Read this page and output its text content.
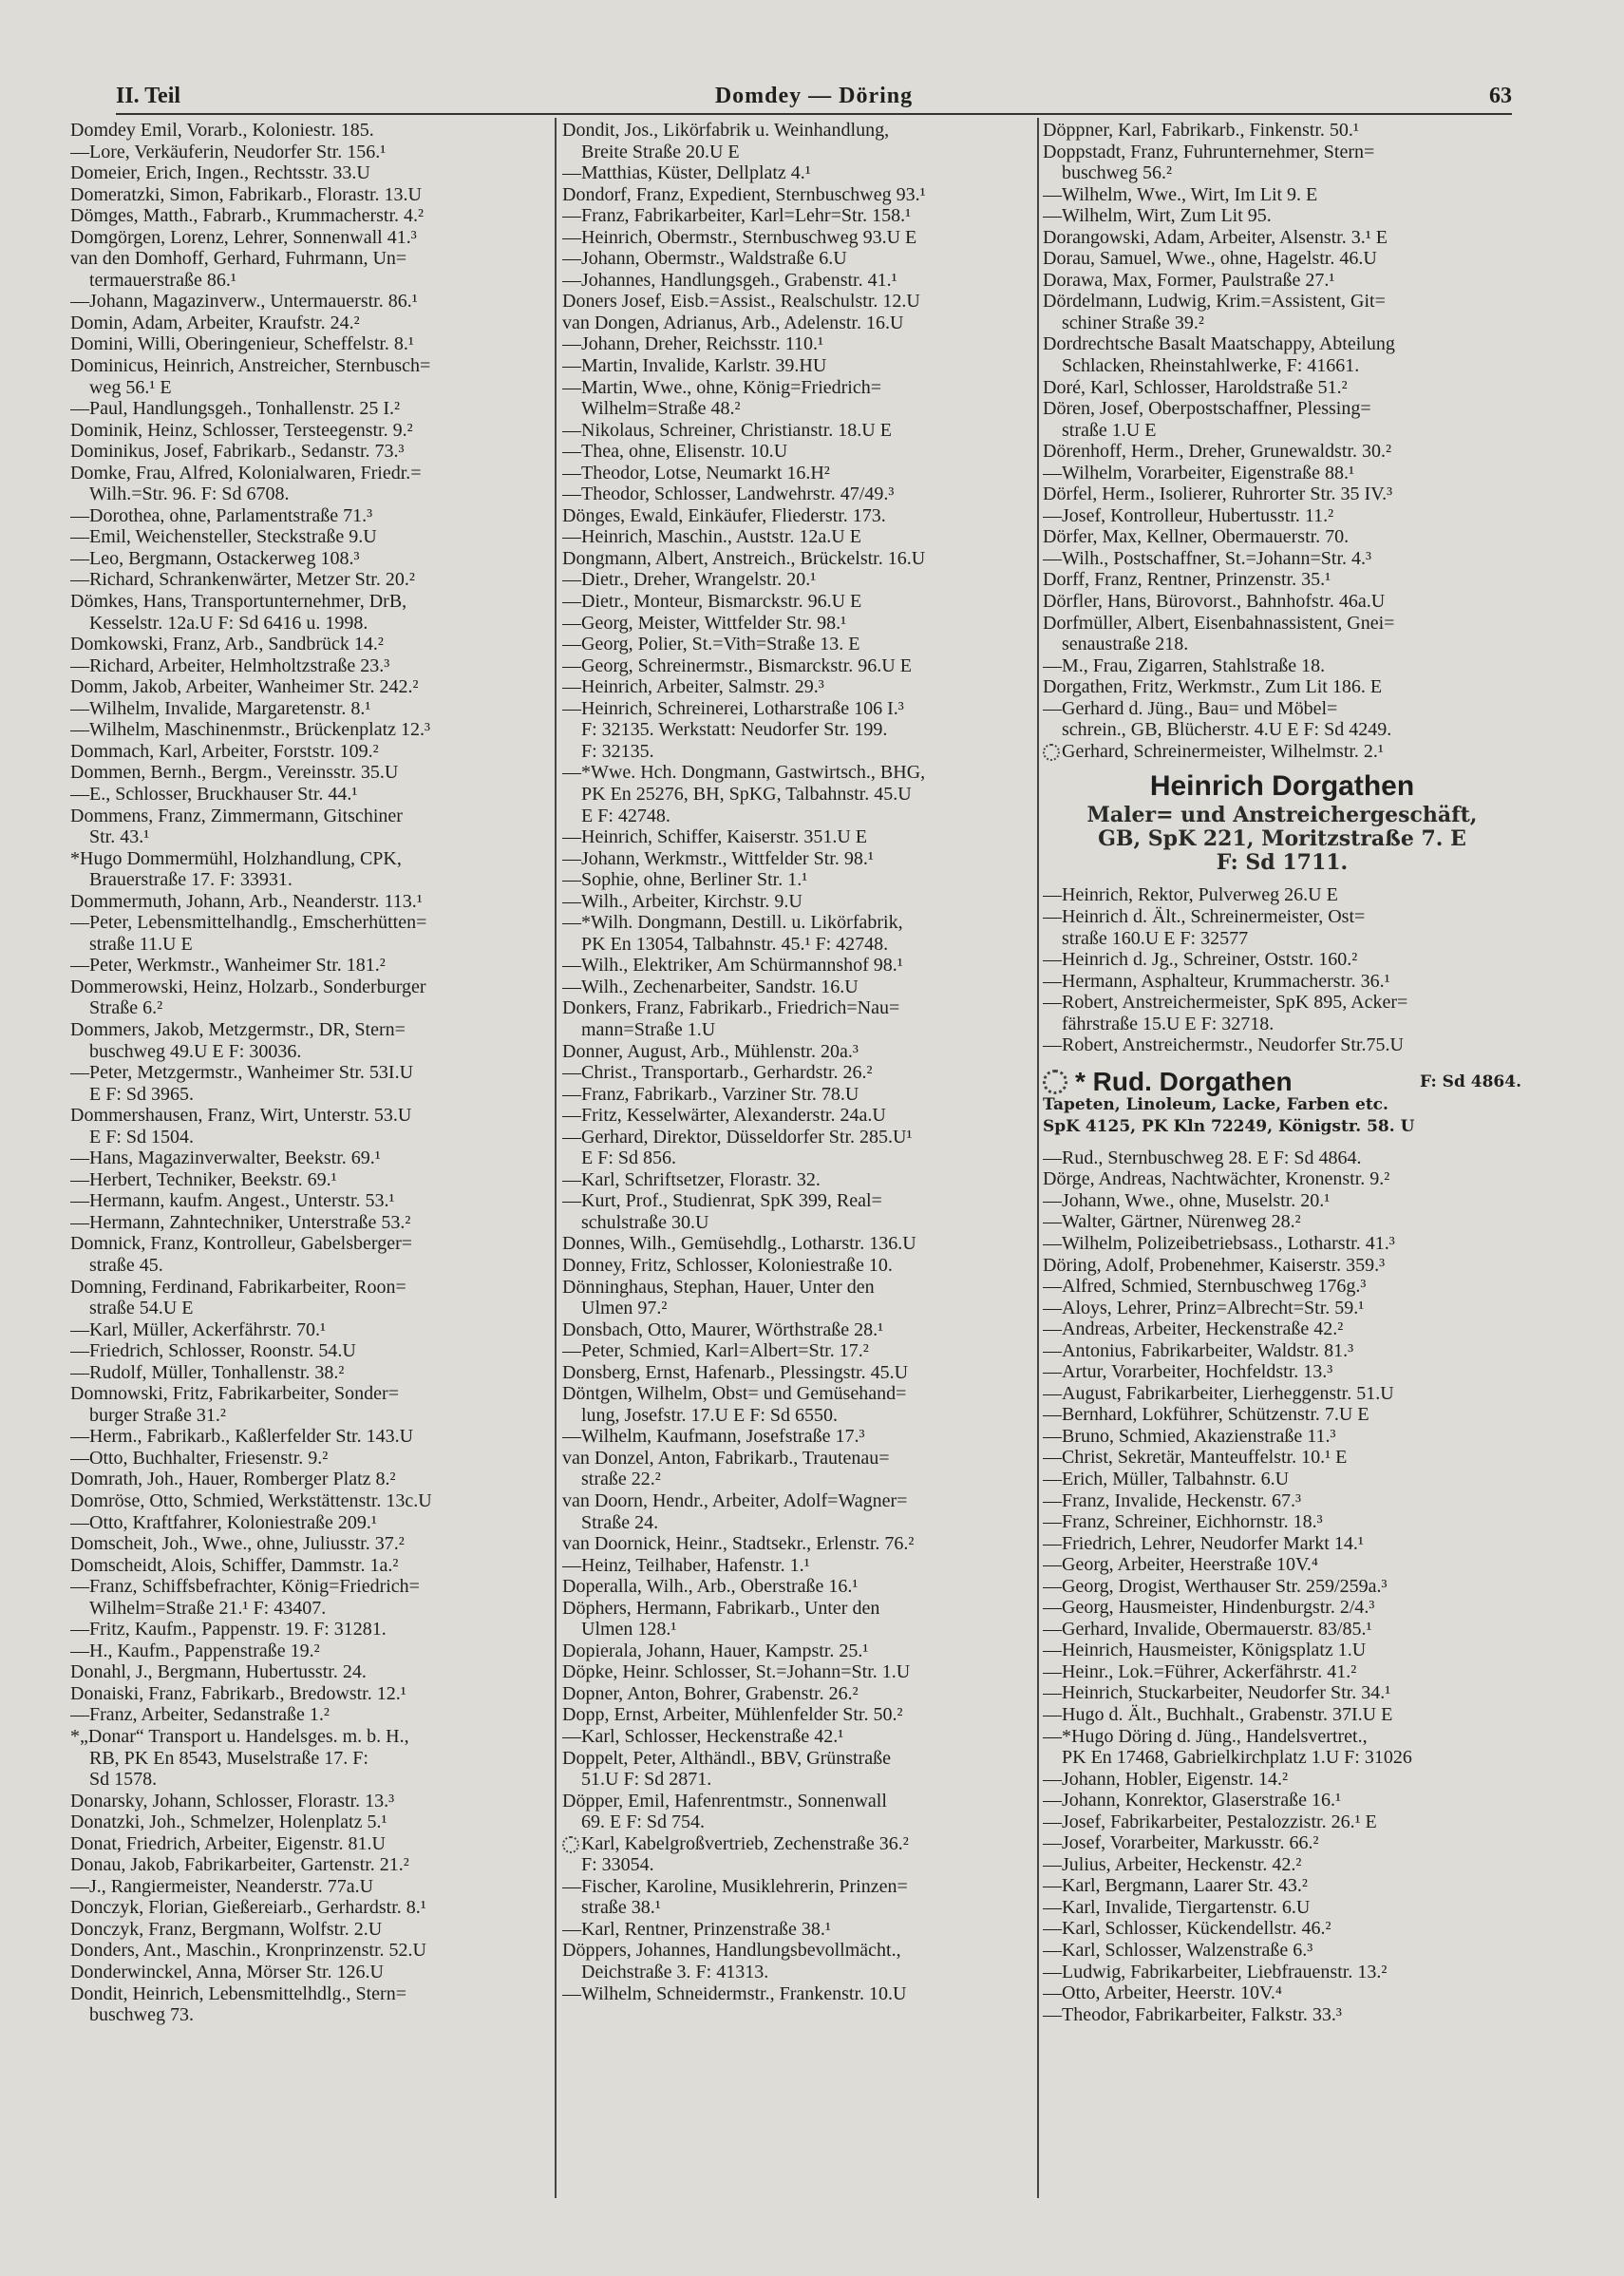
II. Teil	Domdey — Döring	63
Domdey Emil, Vorarb., Koloniestr. 185.
—Lore, Verkäuferin, Neudorfer Str. 156.¹
Domeier, Erich, Ingen., Rechtsstr. 33.U
Domeratzki, Simon, Fabrikarb., Florastr. 13.U
Dömges, Matth., Fabrarb., Krummacherstr. 4.²
Domgörgen, Lorenz, Lehrer, Sonnenwall 41.³
van den Domhoff, Gerhard, Fuhrmann, Un=
termauerstraße 86.¹
—Johann, Magazinverw., Untermauerstr. 86.¹
Domin, Adam, Arbeiter, Kraufstr. 24.²
Domini, Willi, Oberingenieur, Scheffelstr. 8.¹
Dominicus, Heinrich, Anstreicher, Sternbusch=
weg 56.¹ E
—Paul, Handlungsgeh., Tonhallenstr. 25 I.²
Dominik, Heinz, Schlosser, Tersteegenstr. 9.²
Dominikus, Josef, Fabrikarb., Sedanstr. 73.³
Domke, Frau, Alfred, Kolonialwaren, Friedr.=
Wilh.=Str. 96. F: Sd 6708.
—Dorothea, ohne, Parlamentstraße 71.³
—Emil, Weichensteller, Steckstraße 9.U
—Leo, Bergmann, Ostackerweg 108.³
—Richard, Schrankenwärter, Metzer Str. 20.²
Dömkes, Hans, Transportunternehmer, DrB,
Kesselstr. 12a.U F: Sd 6416 u. 1998.
Domkowski, Franz, Arb., Sandbrück 14.²
—Richard, Arbeiter, Helmholtzstraße 23.³
Domm, Jakob, Arbeiter, Wanheimer Str. 242.²
—Wilhelm, Invalide, Margaretenstr. 8.¹
—Wilhelm, Maschinenmstr., Brückenplatz 12.³
Dommach, Karl, Arbeiter, Forststr. 109.²
Dommen, Bernh., Bergm., Vereinsstr. 35.U
—E., Schlosser, Bruckhauser Str. 44.¹
Dommens, Franz, Zimmermann, Gitschiner
Str. 43.¹
*Hugo Dommermühl, Holzhandlung, CPK,
Brauerstraße 17. F: 33931.
Dommermuth, Johann, Arb., Neanderstr. 113.¹
—Peter, Lebensmittelhandlg., Emscherhütten=
straße 11.U E
—Peter, Werkmstr., Wanheimer Str. 181.²
Dommerowski, Heinz, Holzarb., Sonderburger
Straße 6.²
Dommers, Jakob, Metzgermstr., DR, Stern=
buschweg 49.U E F: 30036.
—Peter, Metzgermstr., Wanheimer Str. 53I.U
E F: Sd 3965.
Dommershausen, Franz, Wirt, Unterstr. 53.U
E F: Sd 1504.
—Hans, Magazinverwalter, Beekstr. 69.¹
—Herbert, Techniker, Beekstr. 69.¹
—Hermann, kaufm. Angest., Unterstr. 53.¹
—Hermann, Zahntechniker, Unterstraße 53.²
Domnick, Franz, Kontrolleur, Gabelsberger=
straße 45.
Domning, Ferdinand, Fabrikarbeiter, Roon=
straße 54.U E
—Karl, Müller, Ackerfährstr. 70.¹
—Friedrich, Schlosser, Roonstr. 54.U
—Rudolf, Müller, Tonhallenstr. 38.²
Domnowski, Fritz, Fabrikarbeiter, Sonder=
burger Straße 31.²
—Herm., Fabrikarb., Kaßlerfelder Str. 143.U
—Otto, Buchhalter, Friesenstr. 9.²
Domrath, Joh., Hauer, Romberger Platz 8.²
Domröse, Otto, Schmied, Werkstättenstr. 13c.U
—Otto, Kraftfahrer, Koloniestraße 209.¹
Domscheit, Joh., Wwe., ohne, Juliusstr. 37.²
Domscheidt, Alois, Schiffer, Dammstr. 1a.²
—Franz, Schiffsbefrachter, König=Friedrich=
Wilhelm=Straße 21.¹ F: 43407.
—Fritz, Kaufm., Pappenstr. 19. F: 31281.
—H., Kaufm., Pappenstraße 19.²
Donahl, J., Bergmann, Hubertusstr. 24.
Donaiski, Franz, Fabrikarb., Bredowstr. 12.¹
—Franz, Arbeiter, Sedanstraße 1.²
*„Donar“ Transport u. Handelsges. m. b. H.,
RB, PK En 8543, Muselstraße 17. F:
Sd 1578.
Donarsky, Johann, Schlosser, Florastr. 13.³
Donatzki, Joh., Schmelzer, Holenplatz 5.¹
Donat, Friedrich, Arbeiter, Eigenstr. 81.U
Donau, Jakob, Fabrikarbeiter, Gartenstr. 21.²
—J., Rangiermeister, Neanderstr. 77a.U
Donczyk, Florian, Gießereiarb., Gerhardstr. 8.¹
Donczyk, Franz, Bergmann, Wolfstr. 2.U
Donders, Ant., Maschin., Kronprinzenstr. 52.U
Donderwinckel, Anna, Mörser Str. 126.U
Dondit, Heinrich, Lebensmittelhdlg., Stern=
buschweg 73.
Dondit, Jos., Likörfabrik u. Weinhandlung,
Breite Straße 20.U E
—Matthias, Küster, Dellplatz 4.¹
Dondorf, Franz, Expedient, Sternbuschweg 93.¹
—Franz, Fabrikarbeiter, Karl=Lehr=Str. 158.¹
—Heinrich, Obermstr., Sternbuschweg 93.U E
—Johann, Obermstr., Waldstraße 6.U
—Johannes, Handlungsgeh., Grabenstr. 41.¹
Doners Josef, Eisb.=Assist., Realschulstr. 12.U
van Dongen, Adrianus, Arb., Adelenstr. 16.U
—Johann, Dreher, Reichsstr. 110.¹
—Martin, Invalide, Karlstr. 39.HU
—Martin, Wwe., ohne, König=Friedrich=
Wilhelm=Straße 48.²
—Nikolaus, Schreiner, Christianstr. 18.U E
—Thea, ohne, Elisenstr. 10.U
—Theodor, Lotse, Neumarkt 16.H²
—Theodor, Schlosser, Landwehrstr. 47/49.³
Dönges, Ewald, Einkäufer, Fliederstr. 173.
—Heinrich, Maschin., Auststr. 12a.U E
Dongmann, Albert, Anstreich., Brückelstr. 16.U
—Dietr., Dreher, Wrangelstr. 20.¹
—Dietr., Monteur, Bismarckstr. 96.U E
—Georg, Meister, Wittfelder Str. 98.¹
—Georg, Polier, St.=Vith=Straße 13. E
—Georg, Schreinermstr., Bismarckstr. 96.U E
—Heinrich, Arbeiter, Salmstr. 29.³
—Heinrich, Schreinerei, Lotharstraße 106 I.³
F: 32135. Werkstatt: Neudorfer Str. 199.
F: 32135.
—*Wwe. Hch. Dongmann, Gastwirtsch., BHG,
PK En 25276, BH, SpKG, Talbahnstr. 45.U
E F: 42748.
—Heinrich, Schiffer, Kaiserstr. 351.U E
—Johann, Werkmstr., Wittfelder Str. 98.¹
—Sophie, ohne, Berliner Str. 1.¹
—Wilh., Arbeiter, Kirchstr. 9.U
—*Wilh. Dongmann, Destill. u. Likörfabrik,
PK En 13054, Talbahnstr. 45.¹ F: 42748.
—Wilh., Elektriker, Am Schürmannshof 98.¹
—Wilh., Zechenarbeiter, Sandstr. 16.U
Donkers, Franz, Fabrikarb., Friedrich=Nau=
mann=Straße 1.U
Donner, August, Arb., Mühlenstr. 20a.³
—Christ., Transportarb., Gerhardstr. 26.²
—Franz, Fabrikarb., Varziner Str. 78.U
—Fritz, Kesselwärter, Alexanderstr. 24a.U
—Gerhard, Direktor, Düsseldorfer Str. 285.U¹
E F: Sd 856.
—Karl, Schriftsetzer, Florastr. 32.
—Kurt, Prof., Studienrat, SpK 399, Real=
schulstraße 30.U
Donnes, Wilh., Gemüsehdlg., Lotharstr. 136.U
Donney, Fritz, Schlosser, Koloniestraße 10.
Dönninghaus, Stephan, Hauer, Unter den
Ulmen 97.²
Donsbach, Otto, Maurer, Wörthstraße 28.¹
—Peter, Schmied, Karl=Albert=Str. 17.²
Donsberg, Ernst, Hafenarb., Plessingstr. 45.U
Döntgen, Wilhelm, Obst= und Gemüsehand=
lung, Josefstr. 17.U E F: Sd 6550.
—Wilhelm, Kaufmann, Josefstraße 17.³
van Donzel, Anton, Fabrikarb., Trautenau=
straße 22.²
van Doorn, Hendr., Arbeiter, Adolf=Wagner=
Straße 24.
van Doornick, Heinr., Stadtsekr., Erlenstr. 76.²
—Heinz, Teilhaber, Hafenstr. 1.¹
Doperalla, Wilh., Arb., Oberstraße 16.¹
Döphers, Hermann, Fabrikarb., Unter den
Ulmen 128.¹
Dopierala, Johann, Hauer, Kampstr. 25.¹
Döpke, Heinr. Schlosser, St.=Johann=Str. 1.U
Dopner, Anton, Bohrer, Grabenstr. 26.²
Dopp, Ernst, Arbeiter, Mühlenfelder Str. 50.²
—Karl, Schlosser, Heckenstraße 42.¹
Doppelt, Peter, Althändl., BBV, Grünstraße
51.U F: Sd 2871.
Döpper, Emil, Hafenrentmstr., Sonnenwall
69. E F: Sd 754.
Karl, Kabelgroßvertrieb, Zechenstraße 36.²
F: 33054.
—Fischer, Karoline, Musiklehrerin, Prinzen=
straße 38.¹
—Karl, Rentner, Prinzenstraße 38.¹
Döppers, Johannes, Handlungsbevollmächt.,
Deichstraße 3. F: 41313.
—Wilhelm, Schneidermstr., Frankenstr. 10.U
Döppner, Karl, Fabrikarb., Finkenstr. 50.¹
Doppstadt, Franz, Fuhrunternehmer, Stern=
buschweg 56.²
—Wilhelm, Wwe., Wirt, Im Lit 9. E
—Wilhelm, Wirt, Zum Lit 95.
Dorangowski, Adam, Arbeiter, Alsenstr. 3.¹ E
Dorau, Samuel, Wwe., ohne, Hagelstr. 46.U
Dorawa, Max, Former, Paulstraße 27.¹
Dördelmann, Ludwig, Krim.=Assistent, Git=
schiner Straße 39.²
Dordrechtsche Basalt Maatschappy, Abteilung
Schlacken, Rheinstahlwerke, F: 41661.
Doré, Karl, Schlosser, Haroldstraße 51.²
Dören, Josef, Oberpostschaffner, Plessing=
straße 1.U E
Dörenhoff, Herm., Dreher, Grunewaldstr. 30.²
—Wilhelm, Vorarbeiter, Eigenstraße 88.¹
Dörfel, Herm., Isolierer, Ruhrorter Str. 35 IV.³
—Josef, Kontrolleur, Hubertusstr. 11.²
Dörfer, Max, Kellner, Obermauerstr. 70.
—Wilh., Postschaffner, St.=Johann=Str. 4.³
Dorff, Franz, Rentner, Prinzenstr. 35.¹
Dörfler, Hans, Bürovorst., Bahnhofstr. 46a.U
Dorfmüller, Albert, Eisenbahnassistent, Gnei=
senaustraße 218.
—M., Frau, Zigarren, Stahlstraße 18.
Dorgathen, Fritz, Werkmstr., Zum Lit 186. E
—Gerhard d. Jüng., Bau= und Möbel=
schrein., GB, Blücherstr. 4.U E F: Sd 4249.
Gerhard, Schreinermeister, Wilhelmstr. 2.¹
Heinrich Dorgathen
Maler= und Anstreichergeschäft,
GB, SpK 221, Moritzstraße 7. E
F: Sd 1711.
—Heinrich, Rektor, Pulverweg 26.U E
—Heinrich d. Ält., Schreinermeister, Ost=
straße 160.U E F: 32577
—Heinrich d. Jg., Schreiner, Oststr. 160.²
—Hermann, Asphalteur, Krummacherstr. 36.¹
—Robert, Anstreichermeister, SpK 895, Acker=
fährstraße 15.U E F: 32718.
—Robert, Anstreichermstr., Neudorfer Str.75.U
* Rud. Dorgathen	F: Sd 4864.
Tapeten, Linoleum, Lacke, Farben etc.
SpK 4125, PK Kln 72249, Königstr. 58. U
—Rud., Sternbuschweg 28. E F: Sd 4864.
Dörge, Andreas, Nachtwächter, Kronenstr. 9.²
—Johann, Wwe., ohne, Muselstr. 20.¹
—Walter, Gärtner, Nürenweg 28.²
—Wilhelm, Polizeibetriebsass., Lotharstr. 41.³
Döring, Adolf, Probenehmer, Kaiserstr. 359.³
—Alfred, Schmied, Sternbuschweg 176g.³
—Aloys, Lehrer, Prinz=Albrecht=Str. 59.¹
—Andreas, Arbeiter, Heckenstraße 42.²
—Antonius, Fabrikarbeiter, Waldstr. 81.³
—Artur, Vorarbeiter, Hochfeldstr. 13.³
—August, Fabrikarbeiter, Lierheggenstr. 51.U
—Bernhard, Lokführer, Schützenstr. 7.U E
—Bruno, Schmied, Akazienstraße 11.³
—Christ, Sekretär, Manteuffelstr. 10.¹ E
—Erich, Müller, Talbahnstr. 6.U
—Franz, Invalide, Heckenstr. 67.³
—Franz, Schreiner, Eichhornstr. 18.³
—Friedrich, Lehrer, Neudorfer Markt 14.¹
—Georg, Arbeiter, Heerstraße 10V.⁴
—Georg, Drogist, Werthauser Str. 259/259a.³
—Georg, Hausmeister, Hindenburgstr. 2/4.³
—Gerhard, Invalide, Obermauerstr. 83/85.¹
—Heinrich, Hausmeister, Königsplatz 1.U
—Heinr., Lok.=Führer, Ackerfährstr. 41.²
—Heinrich, Stuckarbeiter, Neudorfer Str. 34.¹
—Hugo d. Ält., Buchhalt., Grabenstr. 37I.U E
—*Hugo Döring d. Jüng., Handelsvertret.,
PK En 17468, Gabrielkirchplatz 1.U F: 31026
—Johann, Hobler, Eigenstr. 14.²
—Johann, Konrektor, Glaserstraße 16.¹
—Josef, Fabrikarbeiter, Pestalozzistr. 26.¹ E
—Josef, Vorarbeiter, Markusstr. 66.²
—Julius, Arbeiter, Heckenstr. 42.²
—Karl, Bergmann, Laarer Str. 43.²
—Karl, Invalide, Tiergartenstr. 6.U
—Karl, Schlosser, Kückendellstr. 46.²
—Karl, Schlosser, Walzenstraße 6.³
—Ludwig, Fabrikarbeiter, Liebfrauenstr. 13.²
—Otto, Arbeiter, Heerstr. 10V.⁴
—Theodor, Fabrikarbeiter, Falkstr. 33.³
